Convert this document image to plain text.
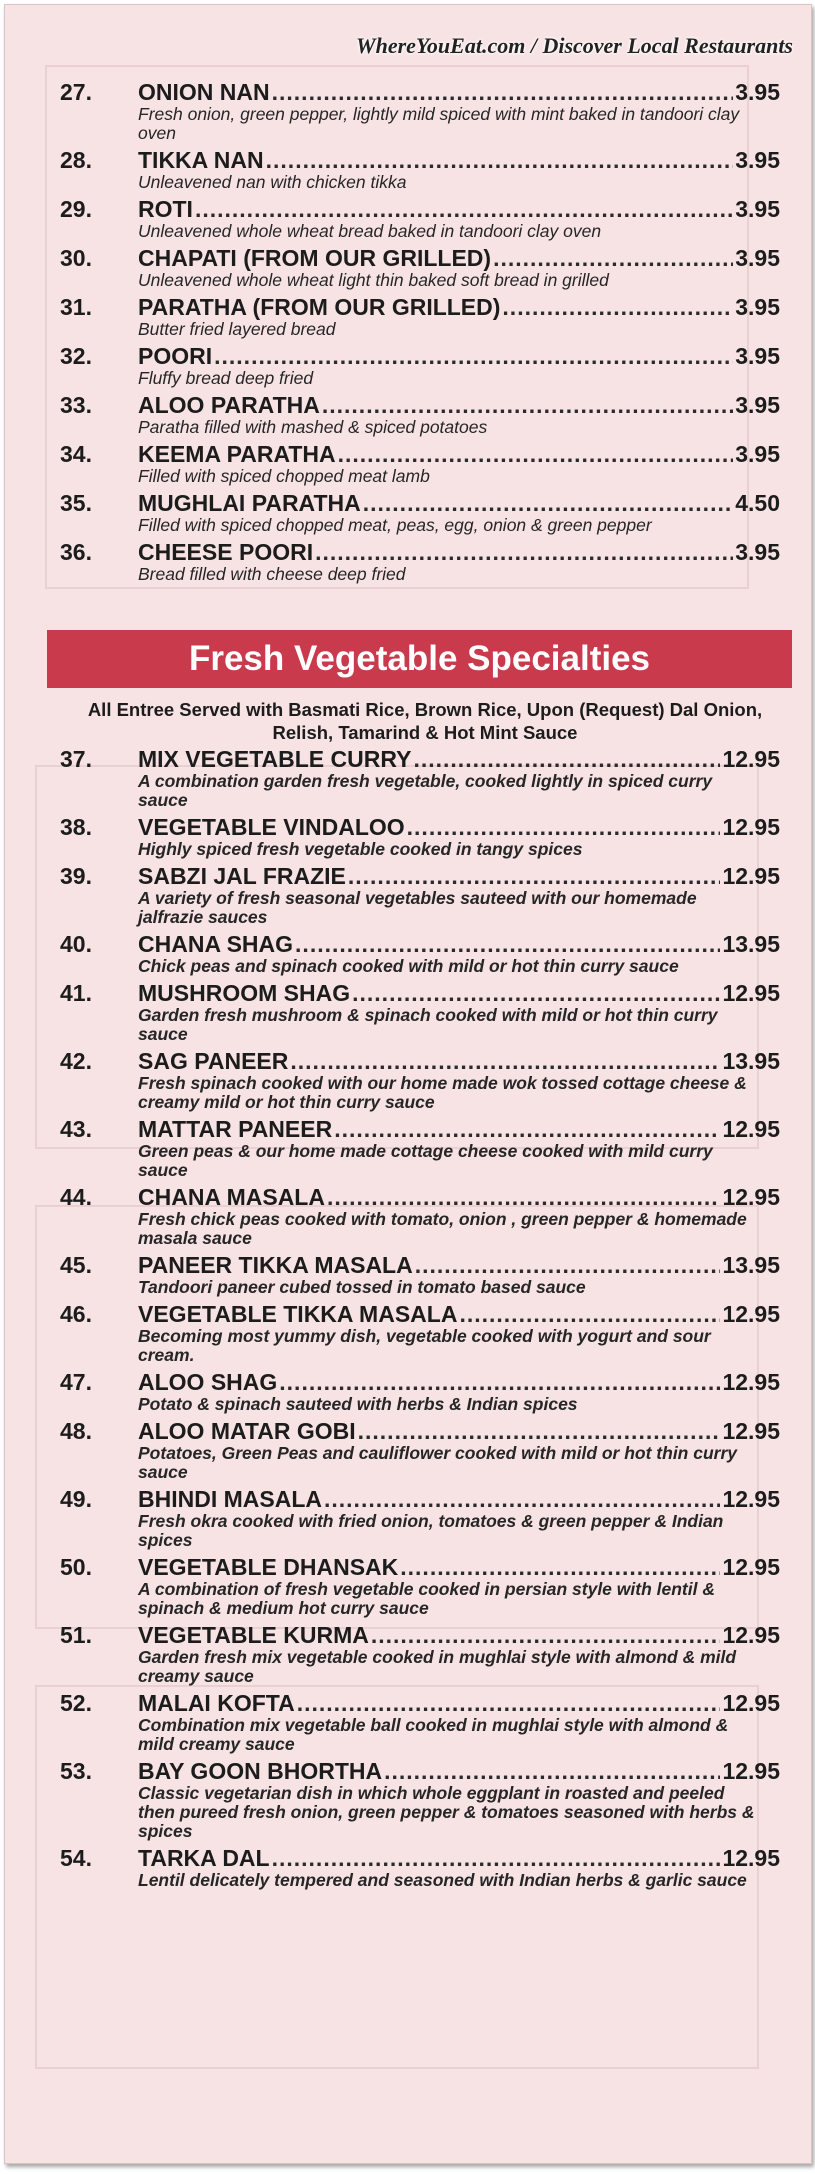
WhereYouEat.com / Discover Local Restaurants
27.	ONION NAN .....	3.95
Fresh onion, green pepper, lightly mild spiced with mint baked in tandoori clay oven
28.	TIKKA NAN .....	3.95
Unleavened nan with chicken tikka
29.	ROTI .....	3.95
Unleavened whole wheat bread baked in tandoori clay oven
30.	CHAPATI (FROM OUR GRILLED) .....	3.95
Unleavened whole wheat light thin baked soft bread in grilled
31.	PARATHA (FROM OUR GRILLED) .....	3.95
Butter fried layered bread
32.	POORI .....	3.95
Fluffy bread deep fried
33.	ALOO PARATHA .....	3.95
Paratha filled with mashed & spiced potatoes
34.	KEEMA PARATHA .....	3.95
Filled with spiced chopped meat lamb
35.	MUGHLAI PARATHA .....	4.50
Filled with spiced chopped meat, peas, egg, onion & green pepper
36.	CHEESE POORI .....	3.95
Bread filled with cheese deep fried
Fresh Vegetable Specialties
All Entree Served with Basmati Rice, Brown Rice, Upon (Request) Dal Onion, Relish, Tamarind & Hot Mint Sauce
37.	MIX VEGETABLE CURRY .....	12.95
A combination garden fresh vegetable, cooked lightly in spiced curry sauce
38.	VEGETABLE VINDALOO .....	12.95
Highly spiced fresh vegetable cooked in tangy spices
39.	SABZI JAL FRAZIE .....	12.95
A variety of fresh seasonal vegetables sauteed with our homemade jalfrazie sauces
40.	CHANA SHAG .....	13.95
Chick peas and spinach cooked with mild or hot thin curry sauce
41.	MUSHROOM SHAG .....	12.95
Garden fresh mushroom & spinach cooked with mild or hot thin curry sauce
42.	SAG PANEER .....	13.95
Fresh spinach cooked with our home made wok tossed cottage cheese & creamy mild or hot thin curry sauce
43.	MATTAR PANEER .....	12.95
Green peas & our home made cottage cheese cooked with mild curry sauce
44.	CHANA MASALA .....	12.95
Fresh chick peas cooked with tomato, onion , green pepper & homemade masala sauce
45.	PANEER TIKKA MASALA .....	13.95
Tandoori paneer cubed tossed in tomato based sauce
46.	VEGETABLE TIKKA MASALA .....	12.95
Becoming most yummy dish, vegetable cooked with yogurt and sour cream.
47.	ALOO SHAG .....	12.95
Potato & spinach sauteed with herbs & Indian spices
48.	ALOO MATAR GOBI .....	12.95
Potatoes, Green Peas and cauliflower cooked with mild or hot thin curry sauce
49.	BHINDI MASALA .....	12.95
Fresh okra cooked with fried onion, tomatoes & green pepper & Indian spices
50.	VEGETABLE DHANSAK .....	12.95
A combination of fresh vegetable cooked in persian style with lentil & spinach & medium hot curry sauce
51.	VEGETABLE KURMA .....	12.95
Garden fresh mix vegetable cooked in mughlai style with almond & mild creamy sauce
52.	MALAI KOFTA .....	12.95
Combination mix vegetable ball cooked in mughlai style with almond & mild creamy sauce
53.	BAY GOON BHORTHA .....	12.95
Classic vegetarian dish in which whole eggplant in roasted and peeled then pureed fresh onion, green pepper & tomatoes seasoned with herbs & spices
54.	TARKA DAL .....	12.95
Lentil delicately tempered and seasoned with Indian herbs & garlic sauce
